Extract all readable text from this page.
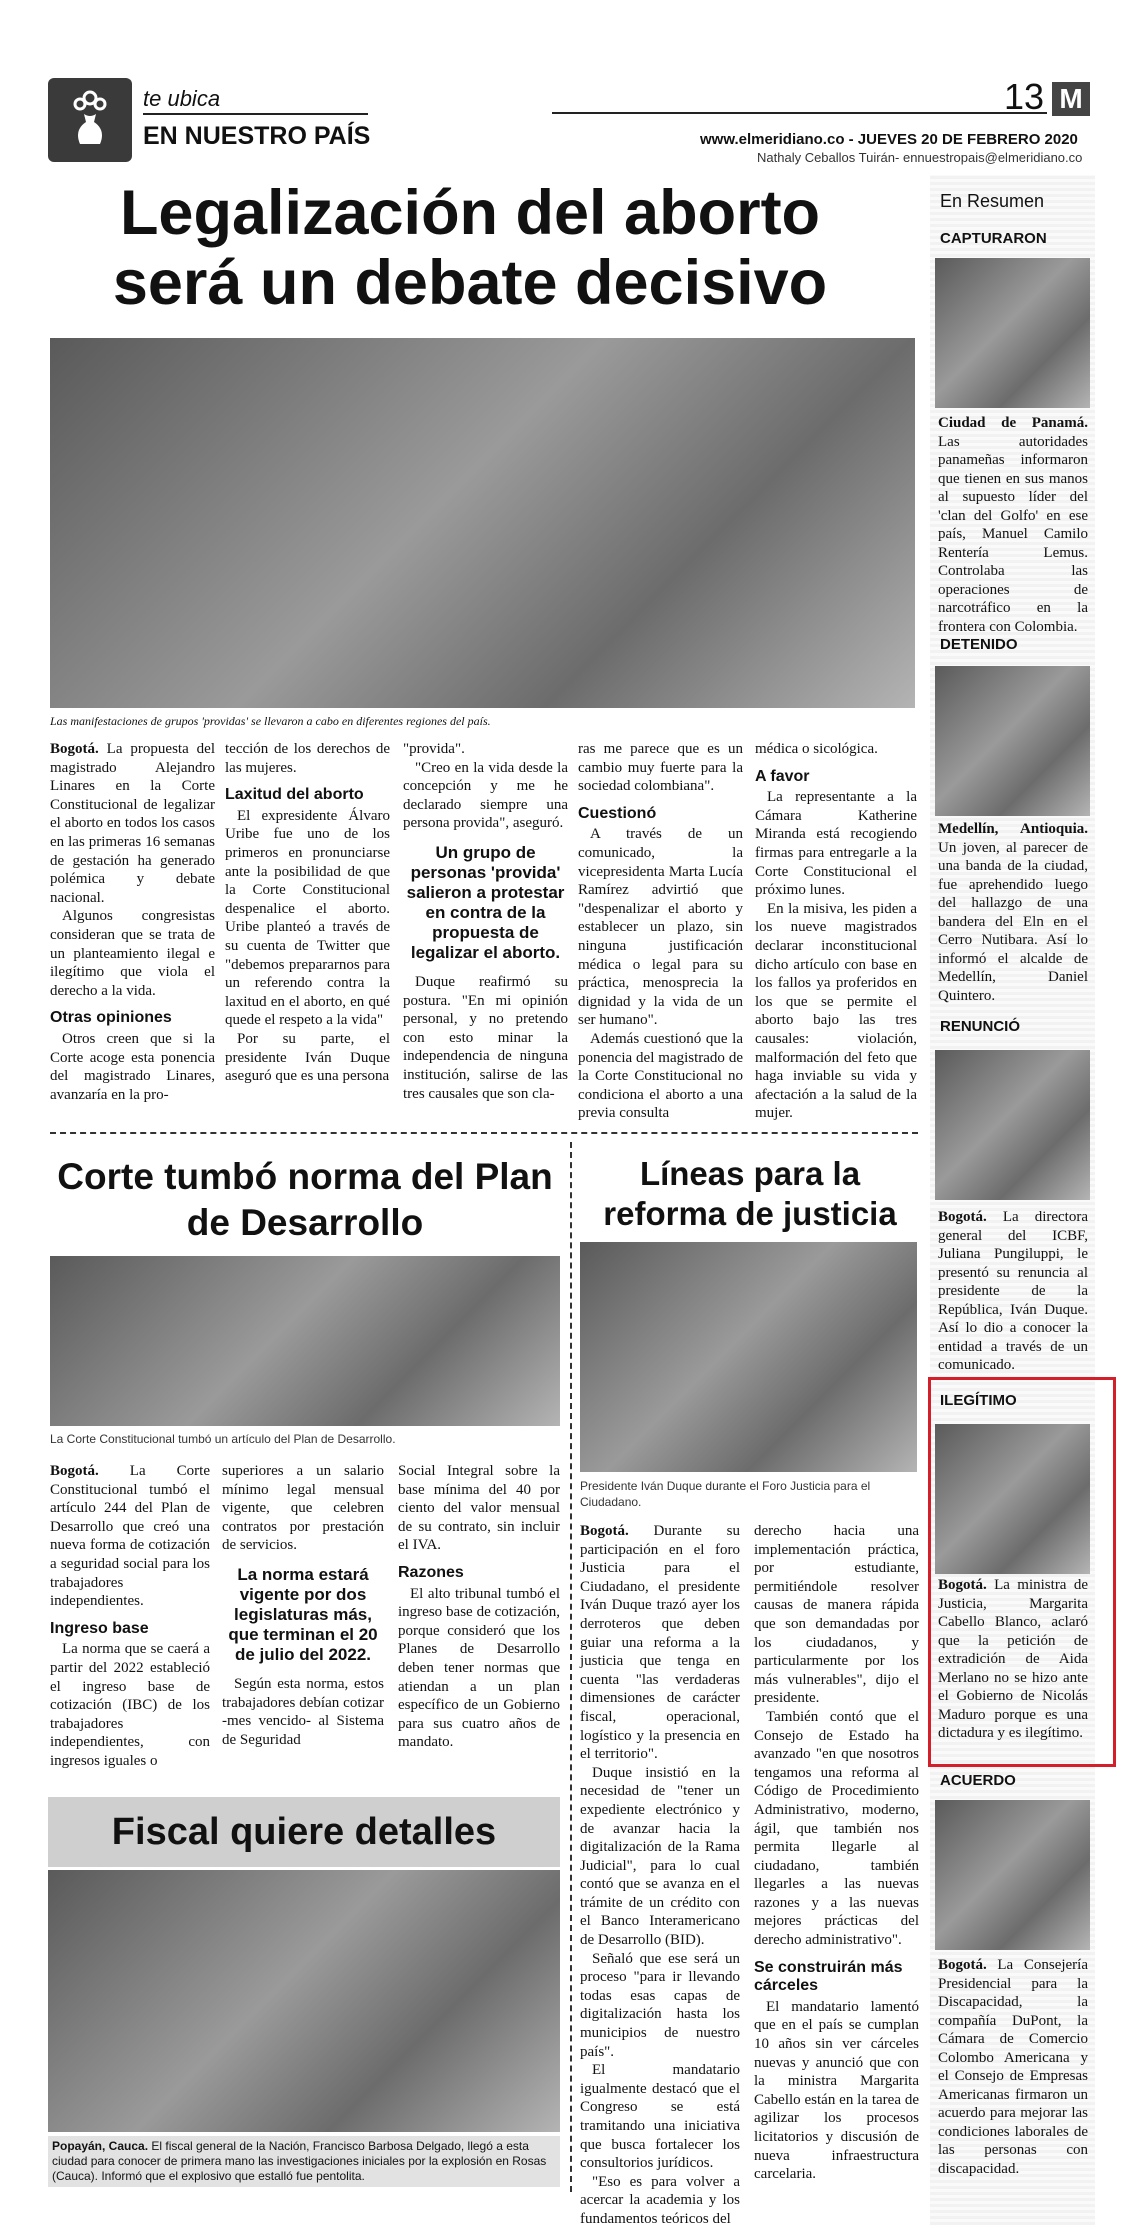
te ubica
EN NUESTRO PAÍS
13 M
www.elmeridiano.co - JUEVES 20 DE FEBRERO 2020
Nathaly Ceballos Tuirán- ennuestropais@elmeridiano.co
Legalización del aborto será un debate decisivo
Las manifestaciones de grupos 'providas' se llevaron a cabo en diferentes regiones del país.

Bogotá. La propuesta del magistrado Alejandro Linares en la Corte Constitucional de legalizar el aborto en todos los casos en las primeras 16 semanas de gestación ha generado polémica y debate nacional.

Algunos congresistas consideran que se trata de un planteamiento ilegal e ilegítimo que viola el derecho a la vida.

Otras opiniones

Otros creen que si la Corte acoge esta ponencia del magistrado Linares, avanzaría en la pro-

tección de los derechos de las mujeres.

Laxitud del aborto

El expresidente Álvaro Uribe fue uno de los primeros en pronunciarse ante la posibilidad de que la Corte Constitucional despenalice el aborto. Uribe planteó a través de su cuenta de Twitter que "debemos prepararnos para un referendo contra la laxitud en el aborto, en qué quede el respeto a la vida"

Por su parte, el presidente Iván Duque aseguró que es una persona

"provida".

"Creo en la vida desde la concepción y me he declarado siempre una persona provida", aseguró.

Un grupo de personas 'provida' salieron a protestar en contra de la propuesta de legalizar el aborto.

Duque reafirmó su postura. "En mi opinión personal, y no pretendo con esto minar la independencia de ninguna institución, salirse de las tres causales que son cla-

ras me parece que es un cambio muy fuerte para la sociedad colombiana".

Cuestionó

A través de un comunicado, la vicepresidenta Marta Lucía Ramírez advirtió que "despenalizar el aborto y establecer un plazo, sin ninguna justificación médica o legal para su práctica, menosprecia la dignidad y la vida de un ser humano".

Además cuestionó que la ponencia del magistrado de la Corte Constitucional no condiciona el aborto a una previa consulta

médica o sicológica.

A favor

La representante a la Cámara Katherine Miranda está recogiendo firmas para entregarle a la Corte Constitucional el próximo lunes.

En la misiva, les piden a los nueve magistrados declarar inconstitucional dicho artículo con base en los fallos ya proferidos en los que se permite el aborto bajo las tres causales: violación, malformación del feto que haga inviable su vida y afectación a la salud de la mujer.

Corte tumbó norma del Plan de Desarrollo
La Corte Constitucional tumbó un artículo del Plan de Desarrollo.

Bogotá. La Corte Constitucional tumbó el artículo 244 del Plan de Desarrollo que creó una nueva forma de cotización a seguridad social para los trabajadores independientes.

Ingreso base

La norma que se caerá a partir del 2022 estableció el ingreso base de cotización (IBC) de los trabajadores independientes, con ingresos iguales o

superiores a un salario mínimo legal mensual vigente, que celebren contratos por prestación de servicios.

La norma estará vigente por dos legislaturas más, que terminan el 20 de julio del 2022.

Según esta norma, estos trabajadores debían cotizar -mes vencido- al Sistema de Seguridad

Social Integral sobre la base mínima del 40 por ciento del valor mensual de su contrato, sin incluir el IVA.

Razones

El alto tribunal tumbó el ingreso base de cotización, porque consideró que los Planes de Desarrollo deben tener normas que atiendan a un plan específico de un Gobierno para sus cuatro años de mandato.

Fiscal quiere detalles
Popayán, Cauca. El fiscal general de la Nación, Francisco Barbosa Delgado, llegó a esta ciudad para conocer de primera mano las investigaciones iniciales por la explosión en Rosas (Cauca). Informó que el explosivo que estalló fue pentolita.
Líneas para la reforma de justicia
Presidente Iván Duque durante el Foro Justicia para el Ciudadano.

Bogotá. Durante su participación en el foro Justicia para el Ciudadano, el presidente Iván Duque trazó ayer los derroteros que deben guiar una reforma a la justicia que tenga en cuenta "las verdaderas dimensiones de carácter fiscal, operacional, logístico y la presencia en el territorio".

Duque insistió en la necesidad de "tener un expediente electrónico y de avanzar hacia la digitalización de la Rama Judicial", para lo cual contó que se avanza en el trámite de un crédito con el Banco Interamericano de Desarrollo (BID).

Señaló que ese será un proceso "para ir llevando todas esas capas de digitalización hasta los municipios de nuestro país".

El mandatario igualmente destacó que el Congreso se está tramitando una iniciativa que busca fortalecer los consultorios jurídicos.

"Eso es para volver a acercar la academia y los fundamentos teóricos del

derecho hacia una implementación práctica, por estudiante, permitiéndole resolver causas de manera rápida que son demandadas por los ciudadanos, y particularmente por los más vulnerables", dijo el presidente.

También contó que el Consejo de Estado ha avanzado "en que nosotros tengamos una reforma al Código de Procedimiento Administrativo, moderno, ágil, que también nos permita llegarle al ciudadano, también llegarles a las nuevas razones y a las nuevas mejores prácticas del derecho administrativo".

Se construirán más cárceles

El mandatario lamentó que en el país se cumplan 10 años sin ver cárceles nuevas y anunció que con la ministra Margarita Cabello están en la tarea de agilizar los procesos licitatorios y discusión de nueva infraestructura carcelaria.

En Resumen
CAPTURARON
Ciudad de Panamá. Las autoridades panameñas informaron que tienen en sus manos al supuesto líder del 'clan del Golfo' en ese país, Manuel Camilo Rentería Lemus. Controlaba las operaciones de narcotráfico en la frontera con Colombia.
DETENIDO
Medellín, Antioquia. Un joven, al parecer de una banda de la ciudad, fue aprehendido luego del hallazgo de una bandera del Eln en el Cerro Nutibara. Así lo informó el alcalde de Medellín, Daniel Quintero.
RENUNCIÓ
Bogotá. La directora general del ICBF, Juliana Pungiluppi, le presentó su renuncia al presidente de la República, Iván Duque. Así lo dio a conocer la entidad a través de un comunicado.
ILEGÍTIMO
Bogotá. La ministra de Justicia, Margarita Cabello Blanco, aclaró que la petición de extradición de Aida Merlano no se hizo ante el Gobierno de Nicolás Maduro porque es una dictadura y es ilegítimo.
ACUERDO
Bogotá. La Consejería Presidencial para la Discapacidad, la compañía DuPont, la Cámara de Comercio Colombo Americana y el Consejo de Empresas Americanas firmaron un acuerdo para mejorar las condiciones laborales de las personas con discapacidad.
